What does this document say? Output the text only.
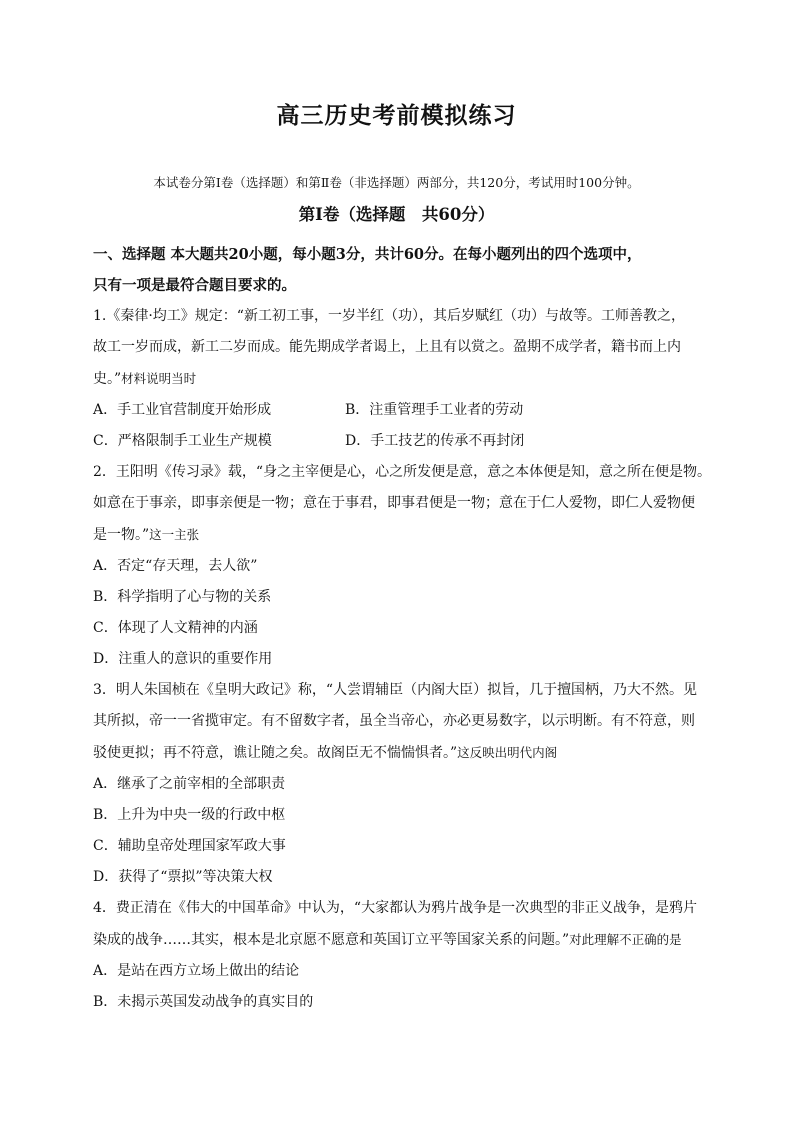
高三历史考前模拟练习
本试卷分第Ⅰ卷（选择题）和第Ⅱ卷（非选择题）两部分，共120分，考试用时100分钟。
第Ⅰ卷（选择题　共60分）
一、选择题 本大题共20小题，每小题3分，共计60分。在每小题列出的四个选项中，
只有一项是最符合题目要求的。
1.《秦律·均工》规定：“新工初工事，一岁半红（功），其后岁赋红（功）与故等。工师善教之，
故工一岁而成，新工二岁而成。能先期成学者谒上，上且有以赏之。盈期不成学者，籍书而上内
史。”材料说明当时
A．手工业官营制度开始形成	B．注重管理手工业者的劳动
C．严格限制手工业生产规模	D．手工技艺的传承不再封闭
2．王阳明《传习录》载，“身之主宰便是心，心之所发便是意，意之本体便是知，意之所在便是物。
如意在于事亲，即事亲便是一物；意在于事君，即事君便是一物；意在于仁人爱物，即仁人爱物便
是一物。”这一主张
A．否定“存天理，去人欲”
B．科学指明了心与物的关系
C．体现了人文精神的内涵
D．注重人的意识的重要作用
3．明人朱国桢在《皇明大政记》称，“人尝谓辅臣（内阁大臣）拟旨，几于擅国柄，乃大不然。见
其所拟，帝一一省揽审定。有不留数字者，虽全当帝心，亦必更易数字，以示明断。有不符意，则
驳使更拟；再不符意，谯让随之矣。故阁臣无不惴惴惧者。”这反映出明代内阁
A．继承了之前宰相的全部职责
B．上升为中央一级的行政中枢
C．辅助皇帝处理国家军政大事
D．获得了“票拟”等决策大权
4．费正清在《伟大的中国革命》中认为，“大家都认为鸦片战争是一次典型的非正义战争，是鸦片
染成的战争……其实，根本是北京愿不愿意和英国订立平等国家关系的问题。”对此理解不正确的是
A．是站在西方立场上做出的结论
B．未揭示英国发动战争的真实目的
